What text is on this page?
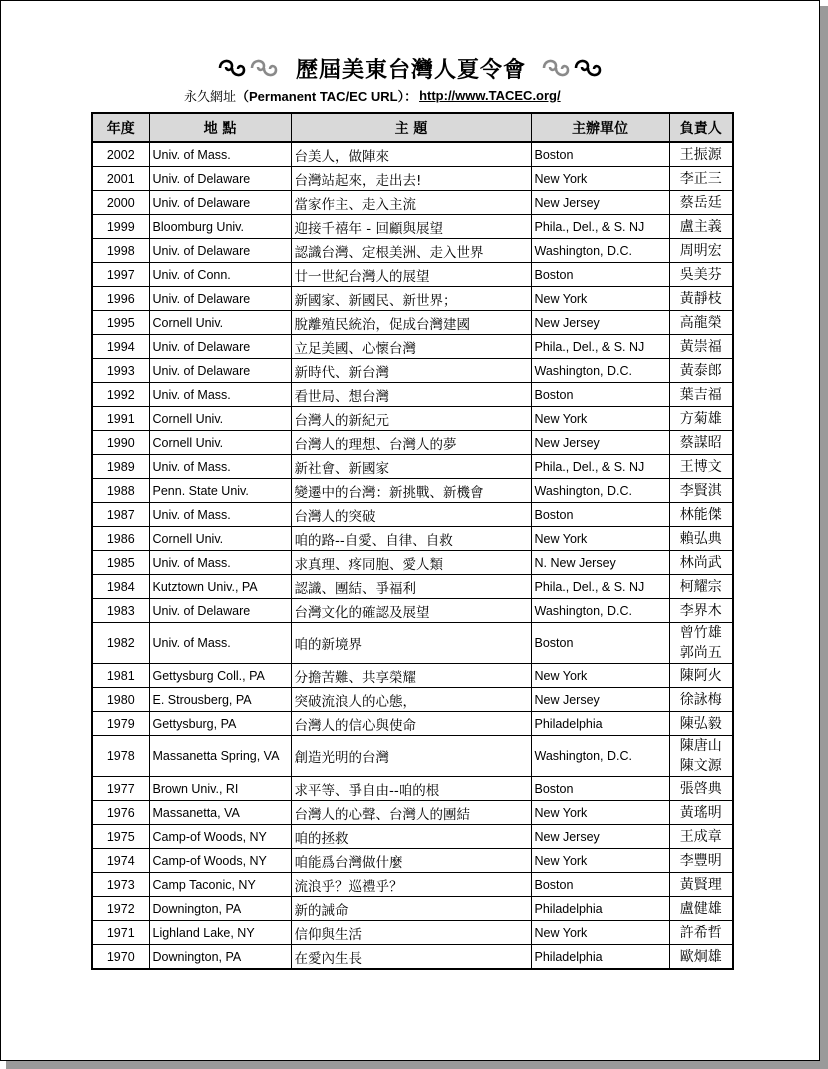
歷屆美東台灣人夏令會
永久網址 （Permanent TAC/EC URL）： http://www.TACEC.org/
年度	地 點	主 題	主辦單位	負責人
2002	Univ. of Mass.	台美人，做陣來	Boston	王振源

2001	Univ. of Delaware	台灣站起來，走出去!	New York	李正三

2000	Univ. of Delaware	當家作主、走入主流	New Jersey	蔡岳廷

1999	Bloomburg Univ.	迎接千禧年 - 回顧與展望	Phila., Del., & S. NJ	盧主義

1998	Univ. of Delaware	認識台灣、定根美洲、走入世界	Washington, D.C.	周明宏

1997	Univ. of Conn.	廿一世紀台灣人的展望	Boston	吳美芬

1996	Univ. of Delaware	新國家、新國民、新世界；	New York	黃靜枝

1995	Cornell Univ.	脫離殖民統治，促成台灣建國	New Jersey	高龍榮

1994	Univ. of Delaware	立足美國、心懷台灣	Phila., Del., & S. NJ	黃崇福

1993	Univ. of Delaware	新時代、新台灣	Washington, D.C.	黃泰郎

1992	Univ. of Mass.	看世局、想台灣	Boston	葉吉福

1991	Cornell Univ.	台灣人的新紀元	New York	方菊雄

1990	Cornell Univ.	台灣人的理想、台灣人的夢	New Jersey	蔡謀昭

1989	Univ. of Mass.	新社會、新國家	Phila., Del., & S. NJ	王博文

1988	Penn. State Univ.	變遷中的台灣：新挑戰、新機會	Washington, D.C.	李賢淇

1987	Univ. of Mass.	台灣人的突破	Boston	林能傑

1986	Cornell Univ.	咱的路--自愛、自律、自救	New York	賴弘典

1985	Univ. of Mass.	求真理、疼同胞、愛人類	N. New Jersey	林尚武

1984	Kutztown Univ., PA	認識、團結、爭福利	Phila., Del., & S. NJ	柯耀宗

1983	Univ. of Delaware	台灣文化的確認及展望	Washington, D.C.	李界木

1982	Univ. of Mass.	咱的新境界	Boston	曾竹雄
郭尚五

1981	Gettysburg Coll., PA	分擔苦難、共享榮耀	New York	陳阿火

1980	E. Strousberg, PA	突破流浪人的心態，	New Jersey	徐詠梅

1979	Gettysburg, PA	台灣人的信心與使命	Philadelphia	陳弘毅

1978	Massanetta Spring, VA	創造光明的台灣	Washington, D.C.	陳唐山
陳文源

1977	Brown Univ., RI	求平等、爭自由--咱的根	Boston	張啓典

1976	Massanetta, VA	台灣人的心聲、台灣人的團結	New York	黃瑤明

1975	Camp-of Woods, NY	咱的拯救	New Jersey	王成章

1974	Camp-of Woods, NY	咱能爲台灣做什麼	New York	李豐明

1973	Camp Taconic, NY	流浪乎？巡禮乎？	Boston	黃賢理

1972	Downington, PA	新的誡命	Philadelphia	盧健雄

1971	Lighland Lake, NY	信仰與生活	New York	許希哲

1970	Downington, PA	在愛內生長	Philadelphia	歐炯雄
